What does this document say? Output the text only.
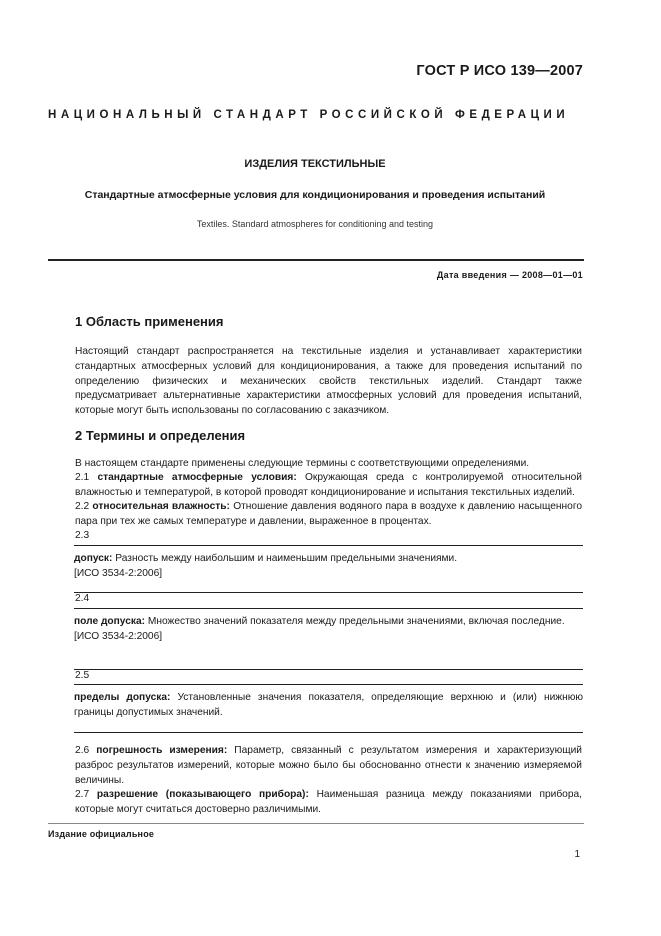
ГОСТ Р ИСО 139—2007
НАЦИОНАЛЬНЫЙ СТАНДАРТ РОССИЙСКОЙ ФЕДЕРАЦИИ
ИЗДЕЛИЯ ТЕКСТИЛЬНЫЕ
Стандартные атмосферные условия для кондиционирования и проведения испытаний
Textiles. Standard atmospheres for conditioning and testing
Дата введения — 2008—01—01
1 Область применения
Настоящий стандарт распространяется на текстильные изделия и устанавливает характеристики стандартных атмосферных условий для кондиционирования, а также для проведения испытаний по определению физических и механических свойств текстильных изделий. Стандарт также предусматривает альтернативные характеристики атмосферных условий для проведения испытаний, которые могут быть использованы по согласованию с заказчиком.
2 Термины и определения
В настоящем стандарте применены следующие термины с соответствующими определениями.
2.1 стандартные атмосферные условия: Окружающая среда с контролируемой относительной влажностью и температурой, в которой проводят кондиционирование и испытания текстильных изделий.
2.2 относительная влажность: Отношение давления водяного пара в воздухе к давлению насыщенного пара при тех же самых температуре и давлении, выраженное в процентах.
2.3
допуск: Разность между наибольшим и наименьшим предельными значениями.
[ИСО 3534-2:2006]
2.4
поле допуска: Множество значений показателя между предельными значениями, включая последние.
[ИСО 3534-2:2006]
2.5
пределы допуска: Установленные значения показателя, определяющие верхнюю и (или) нижнюю границы допустимых значений.
2.6 погрешность измерения: Параметр, связанный с результатом измерения и характеризующий разброс результатов измерений, которые можно было бы обоснованно отнести к значению измеряемой величины.
2.7 разрешение (показывающего прибора): Наименьшая разница между показаниями прибора, которые могут считаться достоверно различимыми.
Издание официальное
1
